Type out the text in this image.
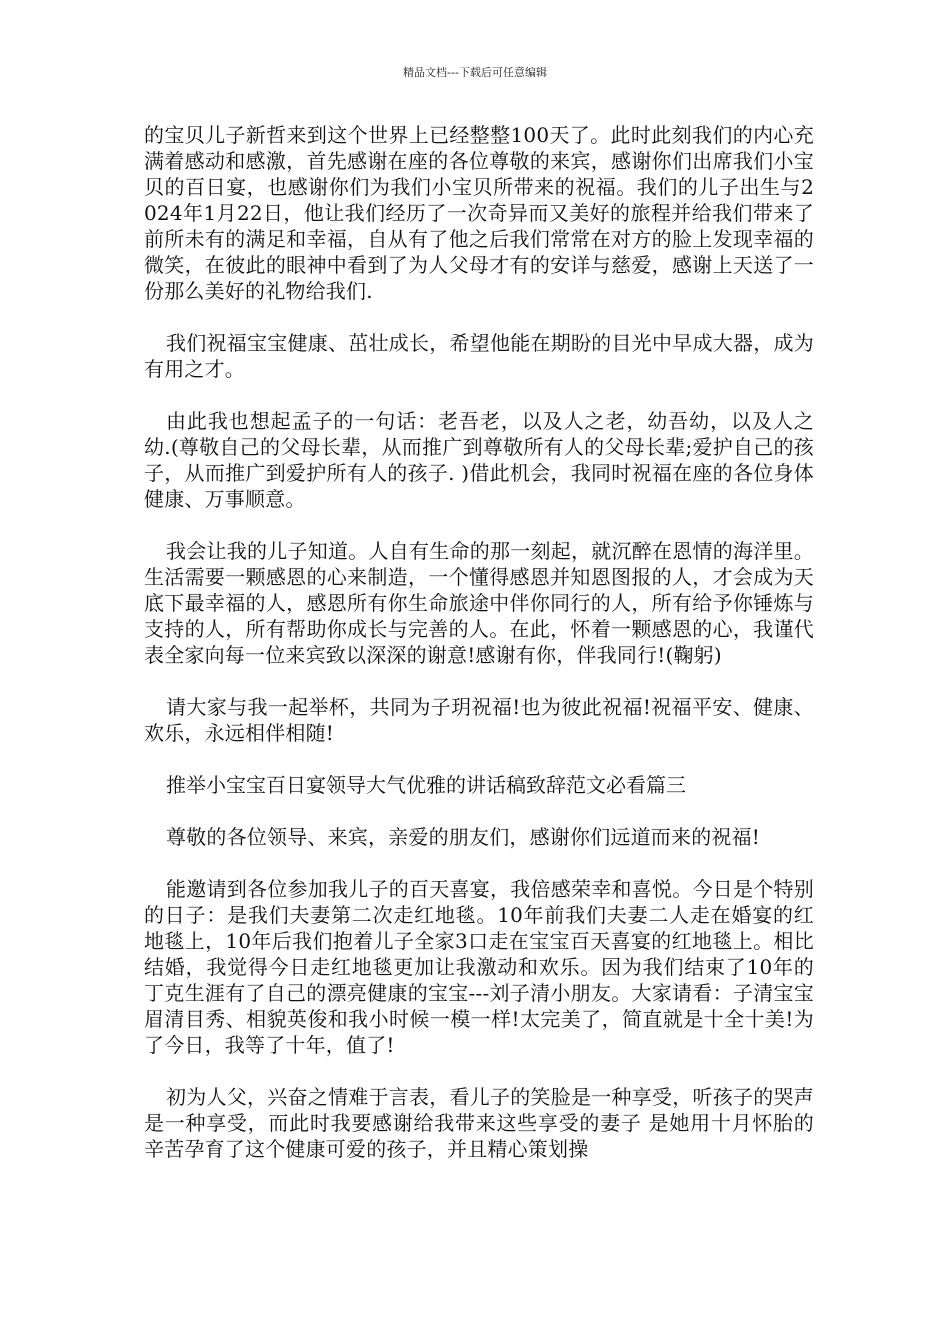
精品文档---下载后可任意编辑

的宝贝儿子新哲来到这个世界上已经整整100天了。此时此刻我们的内心充满着感动和感激，首先感谢在座的各位尊敬的来宾，感谢你们出席我们小宝贝的百日宴，也感谢你们为我们小宝贝所带来的祝福。我们的儿子出生与2024年1月22日，他让我们经历了一次奇异而又美好的旅程并给我们带来了前所未有的满足和幸福，自从有了他之后我们常常在对方的脸上发现幸福的微笑，在彼此的眼神中看到了为人父母才有的安详与慈爱，感谢上天送了一份那么美好的礼物给我们.

我们祝福宝宝健康、茁壮成长，希望他能在期盼的目光中早成大器，成为有用之才。

由此我也想起孟子的一句话：老吾老，以及人之老，幼吾幼，以及人之幼.(尊敬自己的父母长辈，从而推广到尊敬所有人的父母长辈;爱护自己的孩子，从而推广到爱护所有人的孩子. )借此机会，我同时祝福在座的各位身体健康、万事顺意。

我会让我的儿子知道。人自有生命的那一刻起，就沉醉在恩情的海洋里。生活需要一颗感恩的心来制造，一个懂得感恩并知恩图报的人，才会成为天底下最幸福的人，感恩所有你生命旅途中伴你同行的人，所有给予你锤炼与支持的人，所有帮助你成长与完善的人。在此，怀着一颗感恩的心，我谨代表全家向每一位来宾致以深深的谢意!感谢有你，伴我同行!(鞠躬)

请大家与我一起举杯，共同为子玥祝福!也为彼此祝福!祝福平安、健康、欢乐，永远相伴相随!

推举小宝宝百日宴领导大气优雅的讲话稿致辞范文必看篇三

尊敬的各位领导、来宾，亲爱的朋友们，感谢你们远道而来的祝福!

能邀请到各位参加我儿子的百天喜宴，我倍感荣幸和喜悦。今日是个特别的日子：是我们夫妻第二次走红地毯。10年前我们夫妻二人走在婚宴的红地毯上，10年后我们抱着儿子全家3口走在宝宝百天喜宴的红地毯上。相比结婚，我觉得今日走红地毯更加让我激动和欢乐。因为我们结束了10年的丁克生涯有了自己的漂亮健康的宝宝---刘子清小朋友。大家请看：子清宝宝眉清目秀、相貌英俊和我小时候一模一样!太完美了，简直就是十全十美!为了今日，我等了十年，值了!

初为人父，兴奋之情难于言表，看儿子的笑脸是一种享受，听孩子的哭声是一种享受，而此时我要感谢给我带来这些享受的妻子 是她用十月怀胎的辛苦孕育了这个健康可爱的孩子，并且精心策划操
